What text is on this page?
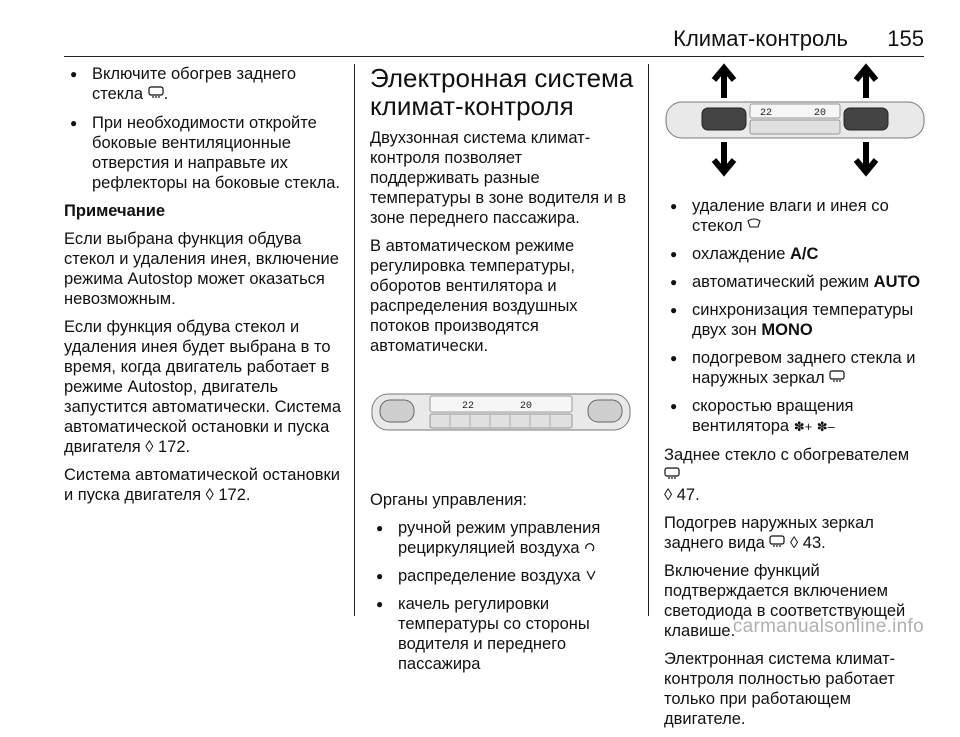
Климат-контроль 155
● Включите обогрев заднего стекла .
● При необходимости откройте боковые вентиляционные отверстия и направьте их рефлекторы на боковые стекла.

Примечание

Если выбрана функция обдува стекол и удаления инея, включение режима Autostop может оказаться невозможным.

Если функция обдува стекол и удаления инея будет выбрана в то время, когда двигатель работает в режиме Autostop, двигатель запустится автоматически. Система автоматической остановки и пуска двигателя ◊ 172.

Система автоматической остановки и пуска двигателя ◊ 172.

Электронная система климат-контроля

Двухзонная система климат-контроля позволяет поддерживать разные температуры в зоне водителя и в зоне переднего пассажира.

В автоматическом режиме регулировка температуры, оборотов вентилятора и распределения воздушных потоков производятся автоматически.

22	20

Органы управления:

● ручной режим управления рециркуляцией воздуха
● распределение воздуха
● качель регулировки температуры со стороны водителя и переднего пассажира
22	20
● удаление влаги и инея со стекол
● охлаждение A/C
● автоматический режим AUTO
● синхронизация температуры двух зон MONO
● подогревом заднего стекла и наружных зеркал
● скоростью вращения вентилятора ✽+ ✽–

Заднее стекло с обогревателем
◊ 47.

Подогрев наружных зеркал заднего вида  ◊ 43.

Включение функций подтверждается включением светодиода в соответствующей клавише.

Электронная система климат-контроля полностью работает только при работающем двигателе.

carmanualsonline.info
